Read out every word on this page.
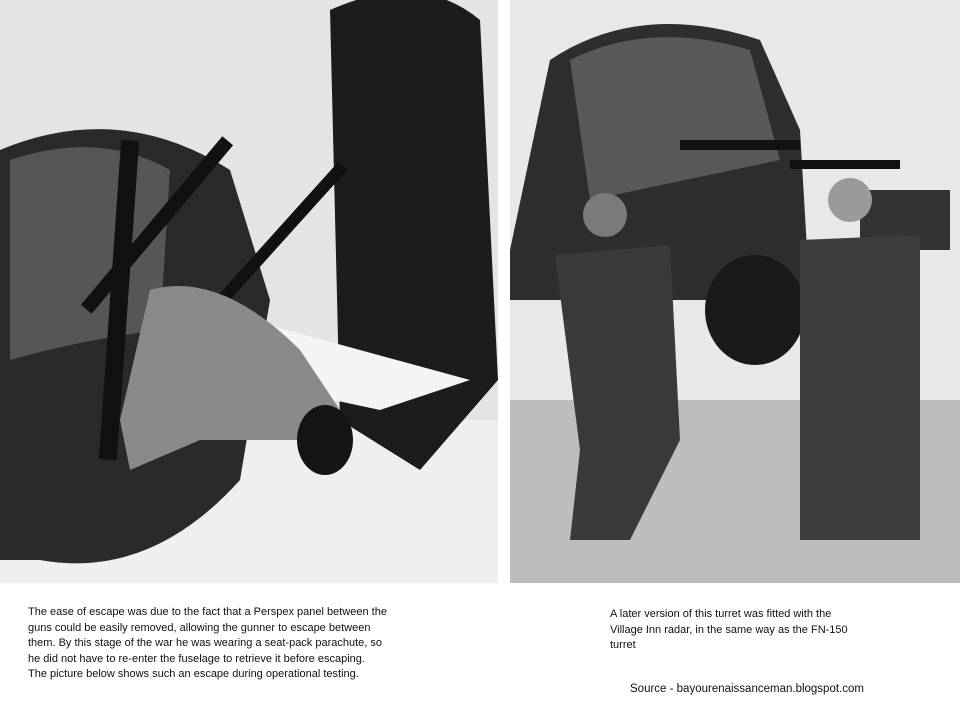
The ease of escape was due to the fact that a Perspex panel between the
guns could be easily removed, allowing the gunner to escape between
them. By this stage of the war he was wearing a seat-pack parachute, so
he did not have to re-enter the fuselage to retrieve it before escaping.
The picture below shows such an escape during operational testing.
A later version of this turret was fitted with the
Village Inn radar, in the same way as the FN-150
turret
Source - bayourenaissanceman.blogspot.com
